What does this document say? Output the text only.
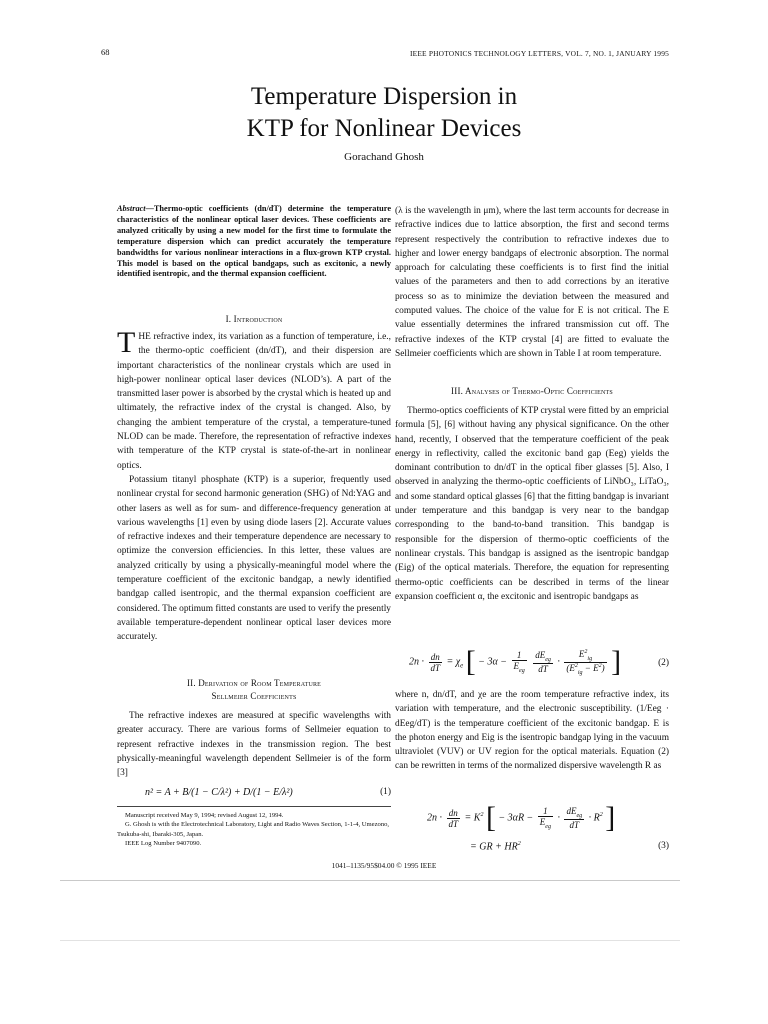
68	IEEE PHOTONICS TECHNOLOGY LETTERS, VOL. 7, NO. 1, JANUARY 1995
Temperature Dispersion in
KTP for Nonlinear Devices
Gorachand Ghosh
Abstract—Thermo-optic coefficients (dn/dT) determine the temperature characteristics of the nonlinear optical laser devices. These coefficients are analyzed critically by using a new model for the first time to formulate the temperature dispersion which can predict accurately the temperature bandwidths for various nonlinear interactions in a flux-grown KTP crystal. This model is based on the optical bandgaps, such as excitonic, a newly identified isentropic, and the thermal expansion coefficient.
I. Introduction

THE refractive index, its variation as a function of temperature, i.e., the thermo-optic coefficient (dn/dT), and their dispersion are important characteristics of the nonlinear crystals which are used in high-power nonlinear optical laser devices (NLOD’s). A part of the transmitted laser power is absorbed by the crystal which is heated up and ultimately, the refractive index of the crystal is changed. Also, by changing the ambient temperature of the crystal, a temperature-tuned NLOD can be made. Therefore, the representation of refractive indexes with temperature of the KTP crystal is state-of-the-art in nonlinear optics.

Potassium titanyl phosphate (KTP) is a superior, frequently used nonlinear crystal for second harmonic generation (SHG) of Nd:YAG and other lasers as well as for sum- and difference-frequency generation at various wavelengths [1] even by using diode lasers [2]. Accurate values of refractive indexes and their temperature dependence are necessary to optimize the conversion efficiencies. In this letter, these values are analyzed critically by using a physically-meaningful model where the temperature coefficient of the excitonic bandgap, a newly identified bandgap called isentropic, and the thermal expansion coefficient are considered. The optimum fitted constants are used to verify the presently available temperature-dependent nonlinear optical laser devices more accurately.

II. Derivation of Room Temperature
Sellmeier Coefficients

The refractive indexes are measured at specific wavelengths with greater accuracy. There are various forms of Sellmeier equation to represent refractive indexes in the transmission region. The best physically-meaningful wavelength dependent Sellmeier is of the form [3]

n² = A + B/(1 − C/λ²) + D/(1 − E/λ²)	(1)

Manuscript received May 9, 1994; revised August 12, 1994.

G. Ghosh is with the Electrotechnical Laboratory, Light and Radio Waves Section, 1-1-4, Umezono, Tsukuba-shi, Ibaraki-305, Japan.

IEEE Log Number 9407090.

(λ is the wavelength in μm), where the last term accounts for decrease in refractive indices due to lattice absorption, the first and second terms represent respectively the contribution to refractive indexes due to higher and lower energy bandgaps of electronic absorption. The normal approach for calculating these coefficients is to first find the initial values of the parameters and then to add corrections by an iterative process so as to minimize the deviation between the measured and computed values. The choice of the value for E is not critical. The E value essentially determines the infrared transmission cut off. The refractive indexes of the KTP crystal [4] are fitted to evaluate the Sellmeier coefficients which are shown in Table I at room temperature.

III. Analyses of Thermo-Optic Coefficients

Thermo-optics coefficients of KTP crystal were fitted by an empricial formula [5], [6] without having any physical significance. On the other hand, recently, I observed that the temperature coefficient of the peak energy in reflectivity, called the excitonic band gap (Eeg) yields the dominant contribution to dn/dT in the optical fiber glasses [5]. Also, I observed in analyzing the thermo-optic coefficients of LiNbO₃, LiTaO₃, and some standard optical glasses [6] that the fitting bandgap is invariant under temperature and this bandgap is very near to the bandgap corresponding to the band-to-band transition. This bandgap is responsible for the dispersion of thermo-optic coefficients of the nonlinear crystals. This bandgap is assigned as the isentropic bandgap (Eig) of the optical materials. Therefore, the equation for representing thermo-optic coefficients can be described in terms of the linear expansion coefficient α, the excitonic and isentropic bandgaps as

$2n \cdot \frac{dn}{dT} = \chi_e$ [ − $3\alpha - \frac{1}{E_{eg}}$
$\frac{dE_{eg}}{dT} \cdot \frac{E^2_{ig}}{(E^2_{ig} - E^2)}$ ]	(2)

where n, dn/dT, and χe are the room temperature refractive index, its variation with temperature, and the electronic susceptibility. (1/Eeg · dEeg/dT) is the temperature coefficient of the excitonic bandgap. E is the photon energy and Eig is the isentropic bandgap lying in the vacuum ultraviolet (VUV) or UV region for the optical materials. Equation (2) can be rewritten in terms of the normalized dispersive wavelength R as

$2n \cdot \frac{dn}{dT} = K^2$ [ − $3\alpha R - \frac{1}{E_{eg}} \cdot \frac{dE_{eg}}{dT} \cdot R^2$ ]
= GR + $HR^2$	(3)
1041–1135/95$04.00 © 1995 IEEE
